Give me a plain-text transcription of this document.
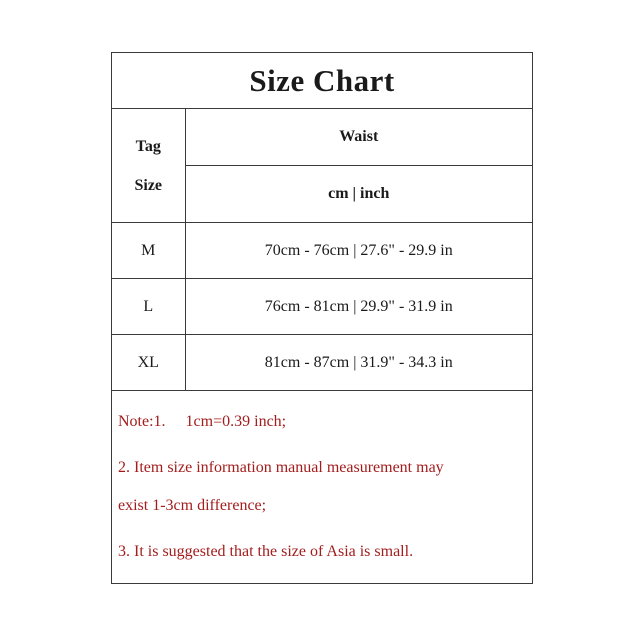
Size Chart
Tag
Size	Waist
	cm | inch
M	70cm - 76cm | 27.6" - 29.9 in
L	76cm - 81cm | 29.9" - 31.9 in
XL	81cm - 87cm | 31.9" - 34.3 in
Note:1. 1cm=0.39 inch;
2. Item size information manual measurement may
exist 1-3cm difference;
3. It is suggested that the size of Asia is small.
